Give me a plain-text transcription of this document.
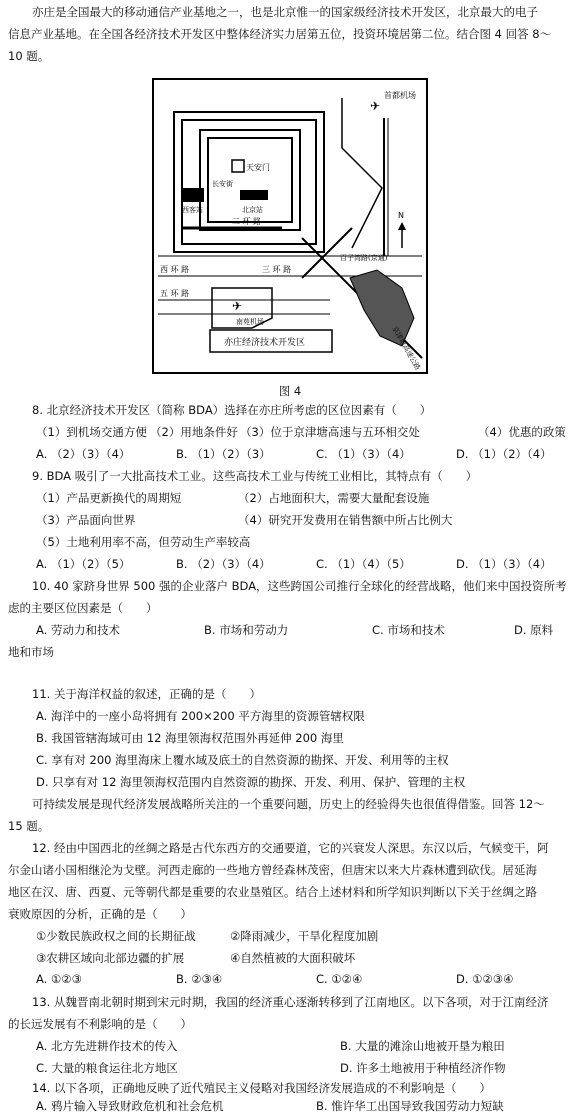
亦庄是全国最大的移动通信产业基地之一，也是北京惟一的国家级经济技术开发区，北京最大的电子
信息产业基地。在全国各经济技术开发区中整体经济实力居第五位，投资环境居第二位。结合图 4 回答 8～
10 题。
✈
✈
首都机场
天安门
长安街
西客站	北京站
二 环 路
三 环 路
西 环 路
五 环 路
百子湾路(京通)
南苑机场
亦庄经济技术开发区
N
京津塘高速公路
图 4
8. 北京经济技术开发区（简称 BDA）选择在亦庄所考虑的区位因素有（　　）
（1）到机场交通方便 （2）用地条件好 （3）位于京津塘高速与五环相交处	（4）优惠的政策
A. （2）（3）（4）	B. （1）（2）（3）	C. （1）（3）（4）	D. （1）（2）（4）
9. BDA 吸引了一大批高技术工业。这些高技术工业与传统工业相比，其特点有（　　）
（1）产品更新换代的周期短	（2）占地面积大，需要大量配套设施
（3）产品面向世界	（4）研究开发费用在销售额中所占比例大
（5）土地利用率不高，但劳动生产率较高
A. （1）（2）（5）	B. （2）（3）（4）	C. （1）（4）（5）	D. （1）（3）（4）
10. 40 家跻身世界 500 强的企业落户 BDA，这些跨国公司推行全球化的经营战略，他们来中国投资所考
虑的主要区位因素是（　　）
A. 劳动力和技术	B. 市场和劳动力	C. 市场和技术	D. 原料
地和市场
11. 关于海洋权益的叙述，正确的是（　　）
A. 海洋中的一座小岛将拥有 200×200 平方海里的资源管辖权限
B. 我国管辖海域可由 12 海里领海权范围外再延伸 200 海里
C. 享有对 200 海里海床上覆水域及底土的自然资源的勘探、开发、利用等的主权
D. 只享有对 12 海里领海权范围内自然资源的勘探、开发、利用、保护、管理的主权
可持续发展是现代经济发展战略所关注的一个重要问题，历史上的经验得失也很值得借鉴。回答 12～
15 题。
12. 经由中国西北的丝绸之路是古代东西方的交通要道，它的兴衰发人深思。东汉以后，气候变干，阿
尔金山诸小国相继沦为戈壁。河西走廊的一些地方曾经森林茂密，但唐宋以来大片森林遭到砍伐。居延海
地区在汉、唐、西夏、元等朝代都是重要的农业垦殖区。结合上述材料和所学知识判断以下关于丝绸之路
衰败原因的分析，正确的是（　　）
①少数民族政权之间的长期征战	②降雨减少，干旱化程度加剧
③农耕区域向北部边疆的扩展	④自然植被的大面积破坏
A. ①②③	B. ②③④	C. ①②④	D. ①②③④
13. 从魏晋南北朝时期到宋元时期，我国的经济重心逐渐转移到了江南地区。以下各项，对于江南经济
的长远发展有不利影响的是（　　）
A. 北方先进耕作技术的传入	B. 大量的滩涂山地被开垦为粮田
C. 大量的粮食运往北方地区	D. 许多土地被用于种植经济作物
14. 以下各项，正确地反映了近代殖民主义侵略对我国经济发展造成的不利影响是（　　）
A. 鸦片输入导致财政危机和社会危机	B. 惟许华工出国导致我国劳动力短缺
